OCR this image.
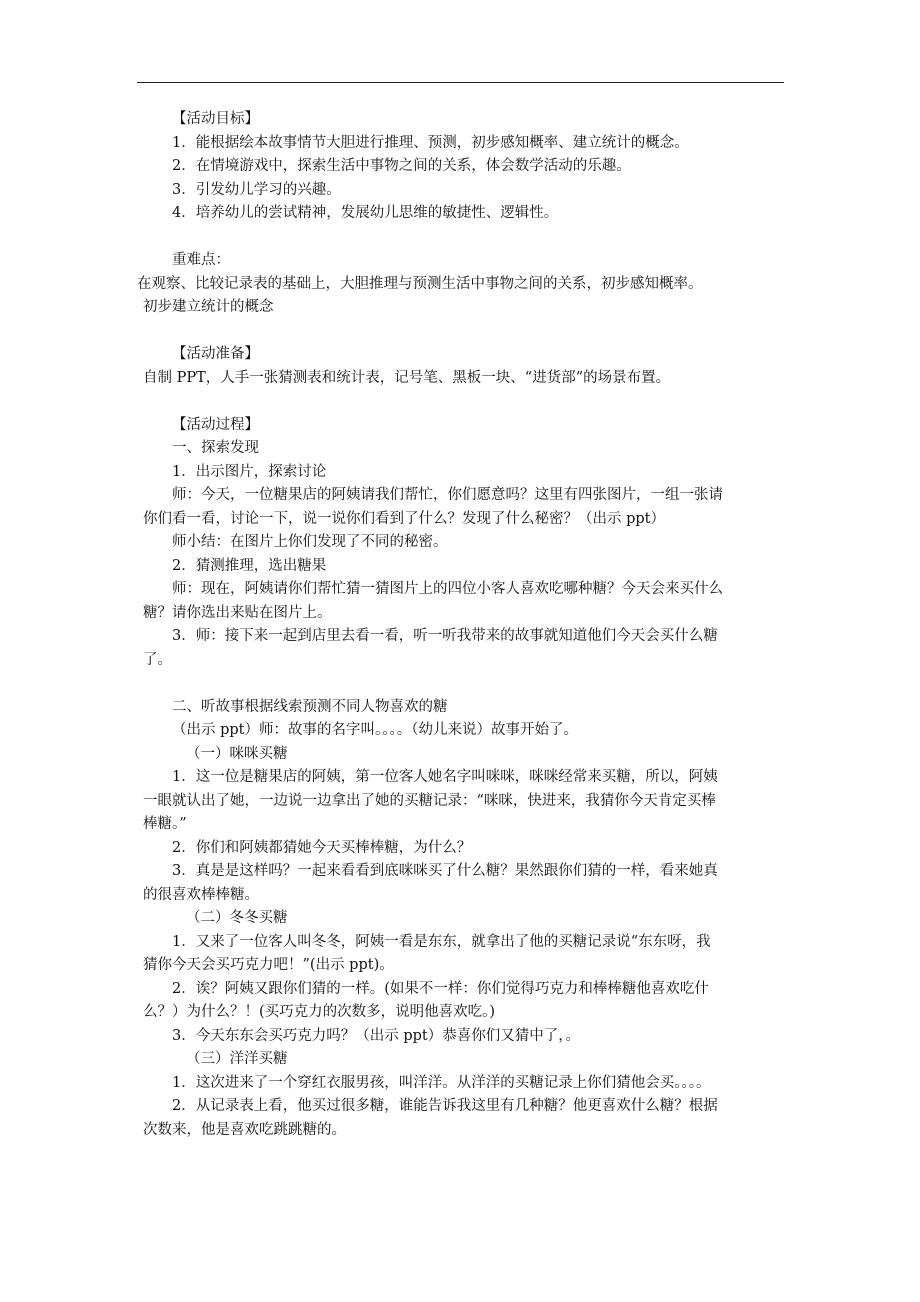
【活动目标】

1．能根据绘本故事情节大胆进行推理、预测，初步感知概率、建立统计的概念。

2．在情境游戏中，探索生活中事物之间的关系，体会数学活动的乐趣。

3．引发幼儿学习的兴趣。

4．培养幼儿的尝试精神，发展幼儿思维的敏捷性、逻辑性。

重难点：

在观察、比较记录表的基础上，大胆推理与预测生活中事物之间的关系，初步感知概率。

初步建立统计的概念

【活动准备】

自制 PPT，人手一张猜测表和统计表，记号笔、黑板一块、“进货部”的场景布置。

【活动过程】

一、探索发现

1．出示图片，探索讨论

师：今天，一位糖果店的阿姨请我们帮忙，你们愿意吗？这里有四张图片，一组一张请

你们看一看，讨论一下，说一说你们看到了什么？发现了什么秘密？（出示 ppt）

师小结：在图片上你们发现了不同的秘密。

2．猜测推理，选出糖果

师：现在，阿姨请你们帮忙猜一猜图片上的四位小客人喜欢吃哪种糖？今天会来买什么

糖？请你选出来贴在图片上。

3．师：接下来一起到店里去看一看，听一听我带来的故事就知道他们今天会买什么糖

了。

二、听故事根据线索预测不同人物喜欢的糖

（出示 ppt）师：故事的名字叫。。。。（幼儿来说）故事开始了。

（一）咪咪买糖

1．这一位是糖果店的阿姨，第一位客人她名字叫咪咪，咪咪经常来买糖，所以，阿姨

一眼就认出了她，一边说一边拿出了她的买糖记录：“咪咪，快进来，我猜你今天肯定买棒

棒糖。”

2．你们和阿姨都猜她今天买棒棒糖，为什么？

3．真是是这样吗？一起来看看到底咪咪买了什么糖？果然跟你们猜的一样，看来她真

的很喜欢棒棒糖。

（二）冬冬买糖

1．又来了一位客人叫冬冬，阿姨一看是东东，就拿出了他的买糖记录说“东东呀，我

猜你今天会买巧克力吧！”(出示 ppt)。

2．诶？阿姨又跟你们猜的一样。(如果不一样：你们觉得巧克力和棒棒糖他喜欢吃什

么？）为什么？！(买巧克力的次数多，说明他喜欢吃。)

3．今天东东会买巧克力吗？（出示 ppt）恭喜你们又猜中了，。

（三）洋洋买糖

1．这次进来了一个穿红衣服男孩，叫洋洋。从洋洋的买糖记录上你们猜他会买。。。。

2．从记录表上看，他买过很多糖，谁能告诉我这里有几种糖？他更喜欢什么糖？根据

次数来，他是喜欢吃跳跳糖的。
